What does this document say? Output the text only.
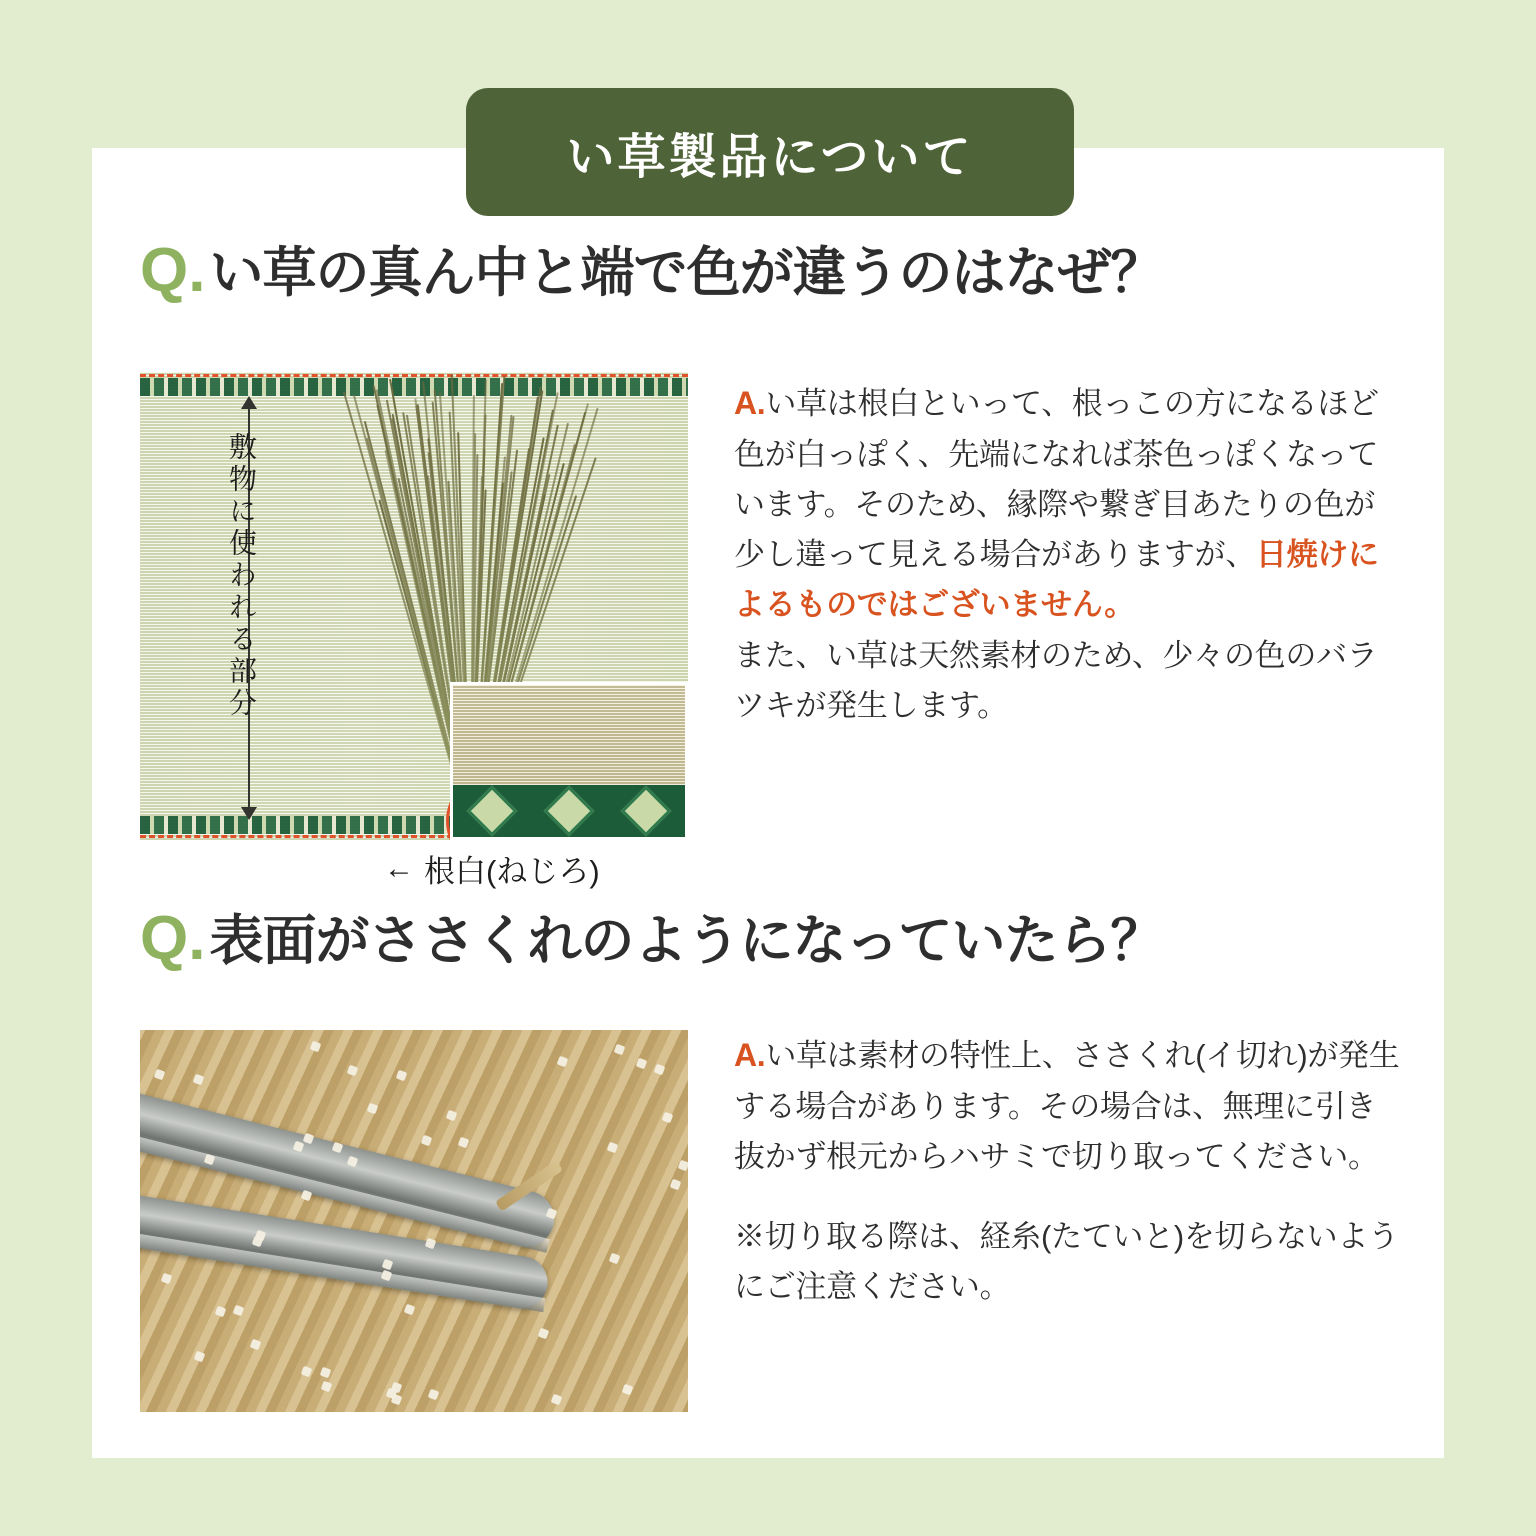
い草製品について
Q. い草の真ん中と端で色が違うのはなぜ？
敷物に使われる部分
← 根白(ねじろ)

A.い草は根白といって、根っこの方になるほど色が白っぽく、先端になれば茶色っぽくなっています。そのため、縁際や繋ぎ目あたりの色が少し違って見える場合がありますが、日焼けによるものではございません。

また、い草は天然素材のため、少々の色のバラツキが発生します。

Q. 表面がささくれのようになっていたら？

A.い草は素材の特性上、ささくれ(イ切れ)が発生する場合があります。その場合は、無理に引き抜かず根元からハサミで切り取ってください。

※切り取る際は、経糸(たていと)を切らないようにご注意ください。
